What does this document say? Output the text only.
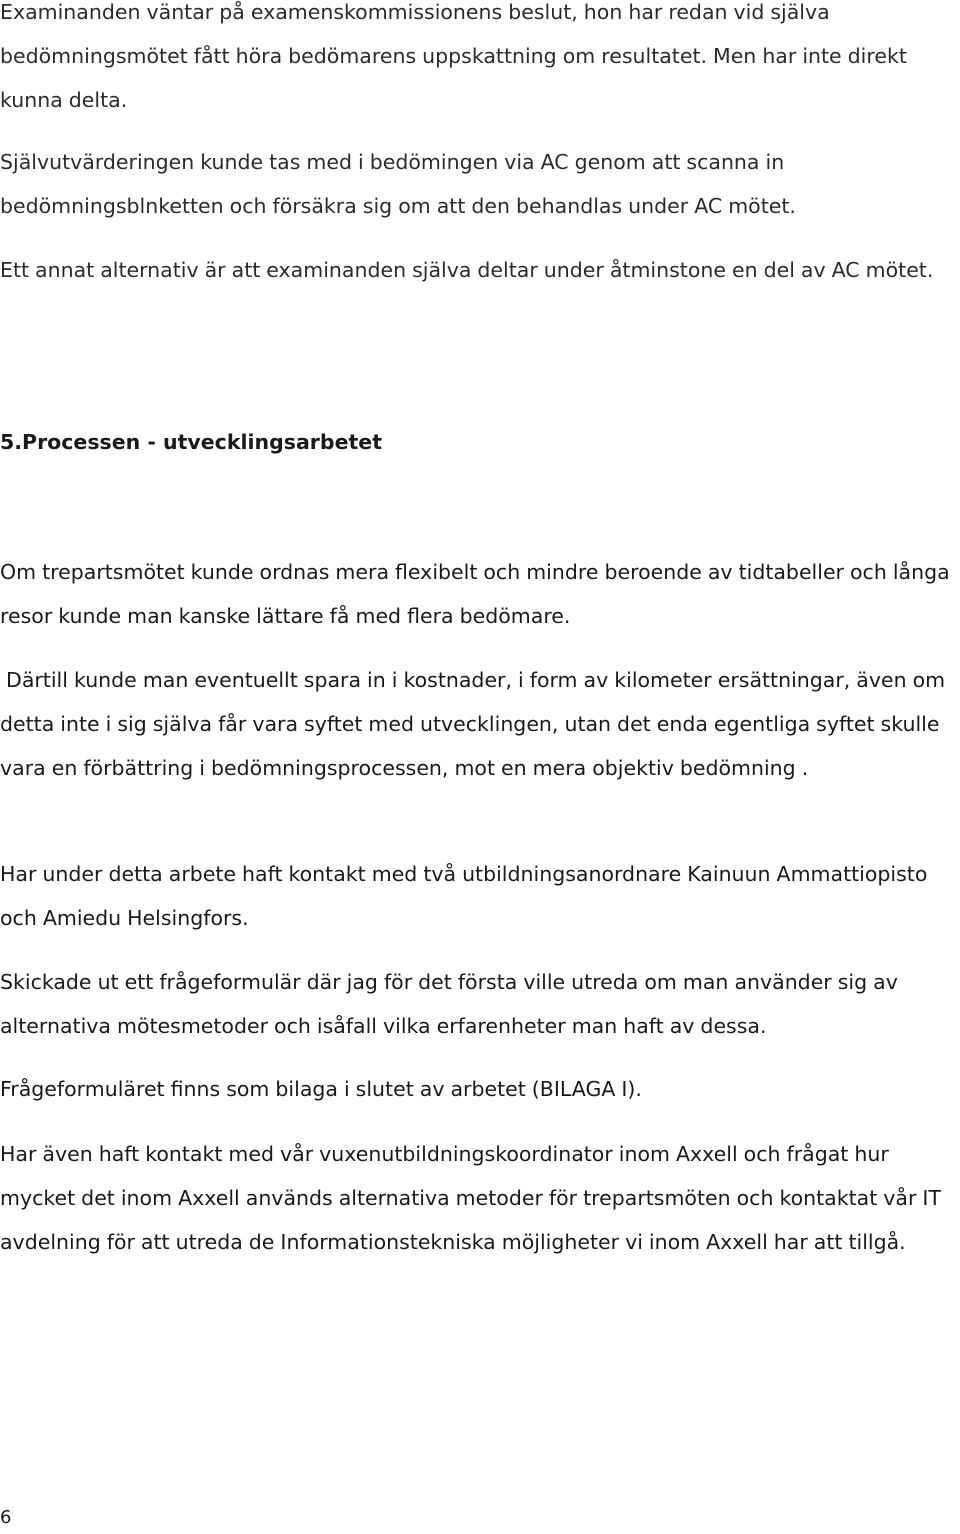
Examinanden väntar på examenskommissionens beslut, hon har redan vid själva bedömningsmötet fått höra bedömarens uppskattning om resultatet. Men har inte direkt kunna delta.

Självutvärderingen kunde tas med i bedömingen via AC genom att scanna in bedömningsblnketten och försäkra sig om att den behandlas under AC mötet.

Ett annat alternativ är att examinanden själva deltar under åtminstone en del av AC mötet.

5.Processen - utvecklingsarbetet

Om trepartsmötet kunde ordnas mera flexibelt och mindre beroende av tidtabeller och långa resor kunde man kanske lättare få med flera bedömare.

Därtill kunde man eventuellt spara in i kostnader, i form av kilometer ersättningar, även om detta inte i sig själva får vara syftet med utvecklingen, utan det enda egentliga syftet skulle vara en förbättring i bedömningsprocessen, mot en mera objektiv bedömning .

Har under detta arbete haft kontakt med två utbildningsanordnare Kainuun Ammattiopisto och Amiedu Helsingfors.

Skickade ut ett frågeformulär där jag för det första ville utreda om man använder sig av alternativa mötesmetoder och isåfall vilka erfarenheter man haft av dessa.

Frågeformuläret finns som bilaga i slutet av arbetet (BILAGA I).

Har även haft kontakt med vår vuxenutbildningskoordinator inom Axxell och frågat hur mycket det inom Axxell används alternativa metoder för trepartsmöten och kontaktat vår IT avdelning för att utreda de Informationstekniska möjligheter vi inom Axxell har att tillgå.

6
